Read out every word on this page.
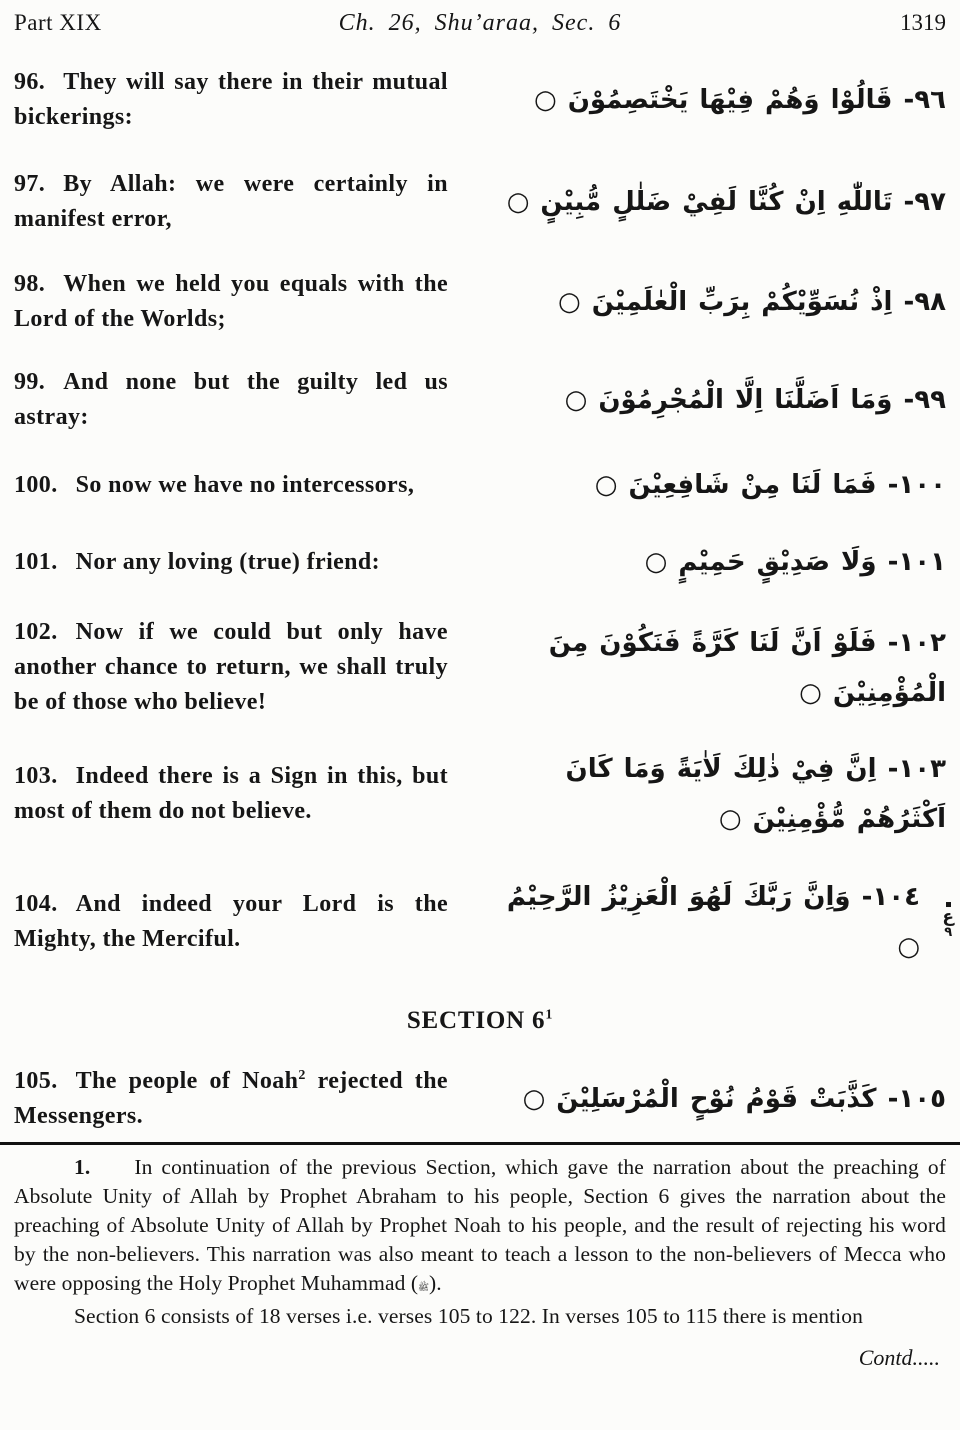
Part XIX	Ch. 26, Shu’araa, Sec. 6	1319
96. They will say there in their mutual bickerings:
٩٦- قَالُوْا وَهُمْ فِيْهَا يَخْتَصِمُوْنَ ○
97. By Allah: we were certainly in manifest error,
٩٧- تَاللّٰهِ اِنْ كُنَّا لَفِيْ ضَلٰلٍ مُّبِيْنٍ ○
98. When we held you equals with the Lord of the Worlds;
٩٨- اِذْ نُسَوِّيْكُمْ بِرَبِّ الْعٰلَمِيْنَ ○
99. And none but the guilty led us astray:
٩٩- وَمَا اَضَلَّنَا اِلَّا الْمُجْرِمُوْنَ ○
100. So now we have no intercessors,	١٠٠- فَمَا لَنَا مِنْ شَافِعِيْنَ ○
101. Nor any loving (true) friend:	١٠١- وَلَا صَدِيْقٍ حَمِيْمٍ ○
102. Now if we could but only have another chance to return, we shall truly be of those who believe!
١٠٢- فَلَوْ اَنَّ لَنَا كَرَّةً فَنَكُوْنَ مِنَ الْمُؤْمِنِيْنَ ○
103. Indeed there is a Sign in this, but most of them do not believe.
١٠٣- اِنَّ فِيْ ذٰلِكَ لَاٰيَةً وَمَا كَانَ اَكْثَرُهُمْ مُّؤْمِنِيْنَ ○
104. And indeed your Lord is the Mighty, the Merciful.
١٠٤- وَاِنَّ رَبَّكَ لَهُوَ الْعَزِيْزُ الرَّحِيْمُ ○
ع
٩
SECTION $6^1$
105. The people of Noah$^2$ rejected the Messengers.
١٠٥- كَذَّبَتْ قَوْمُ نُوْحٍ الْمُرْسَلِيْنَ ○

1. In continuation of the previous Section, which gave the narration about the preaching of Absolute Unity of Allah by Prophet Abraham to his people, Section 6 gives the narration about the preaching of Absolute Unity of Allah by Prophet Noah to his people, and the result of rejecting his word by the non-believers. This narration was also meant to teach a lesson to the non-believers of Mecca who were opposing the Holy Prophet Muhammad (ﷺ).

Section 6 consists of 18 verses i.e. verses 105 to 122. In verses 105 to 115 there is mention

Contd.....
